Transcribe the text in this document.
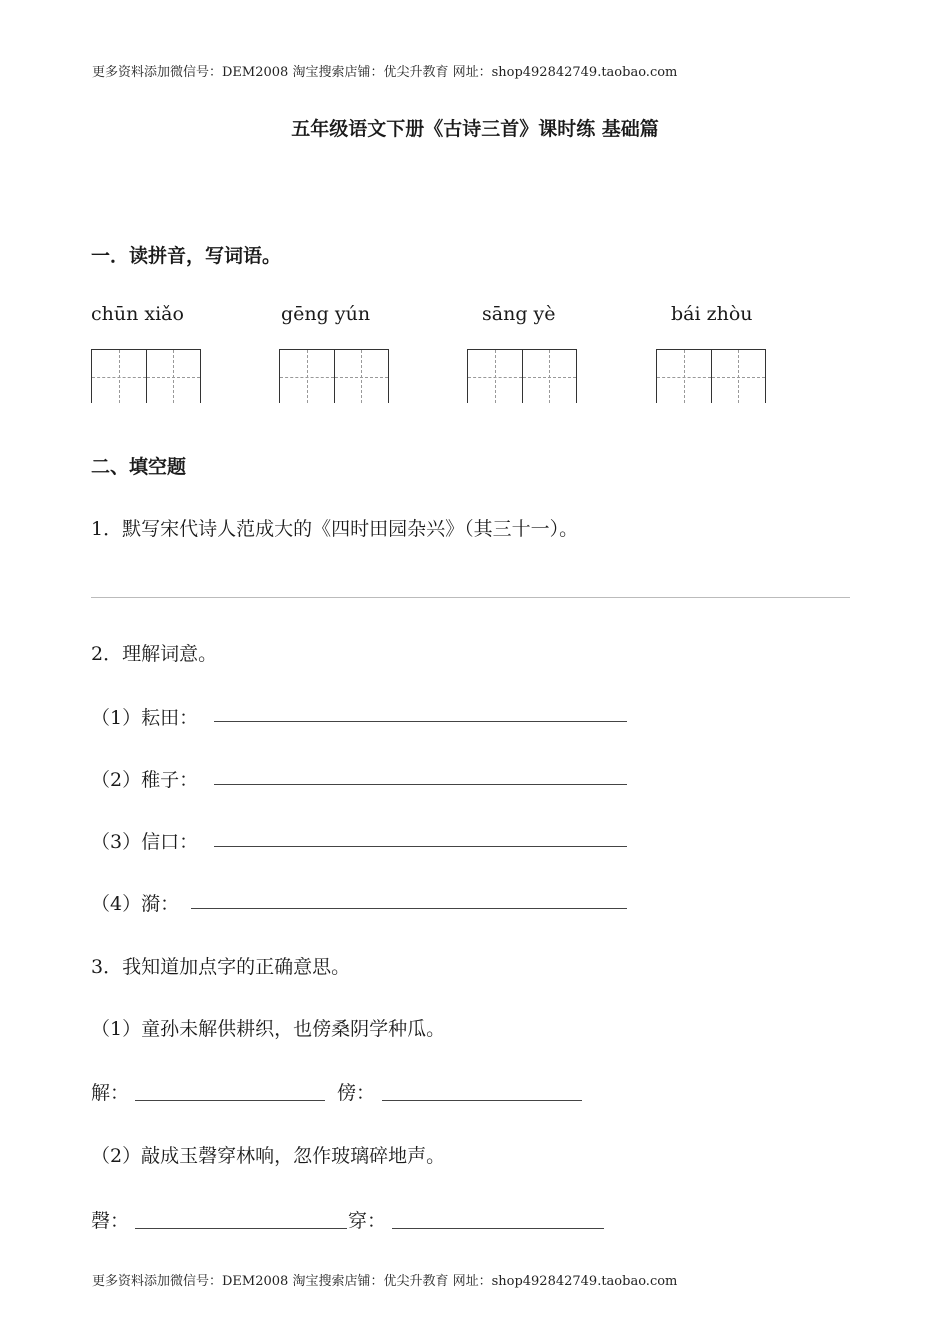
更多资料添加微信号：DEM2008 淘宝搜索店铺：优尖升教育 网址：shop492842749.taobao.com
五年级语文下册《古诗三首》课时练 基础篇
一．读拼音，写词语。
chūn xiǎo	gēng yún	sāng yè	bái zhòu
二、填空题
1．默写宋代诗人范成大的《四时田园杂兴》（其三十一）。
2．理解词意。
（1）耘田：
（2）稚子：
（3）信口：
（4）漪：
3．我知道加点字的正确意思。
（1）童孙未解供耕织，也傍桑阴学种瓜。
解：	傍：
（2）敲成玉磬穿林响，忽作玻璃碎地声。
磬：	穿：
更多资料添加微信号：DEM2008 淘宝搜索店铺：优尖升教育 网址：shop492842749.taobao.com
